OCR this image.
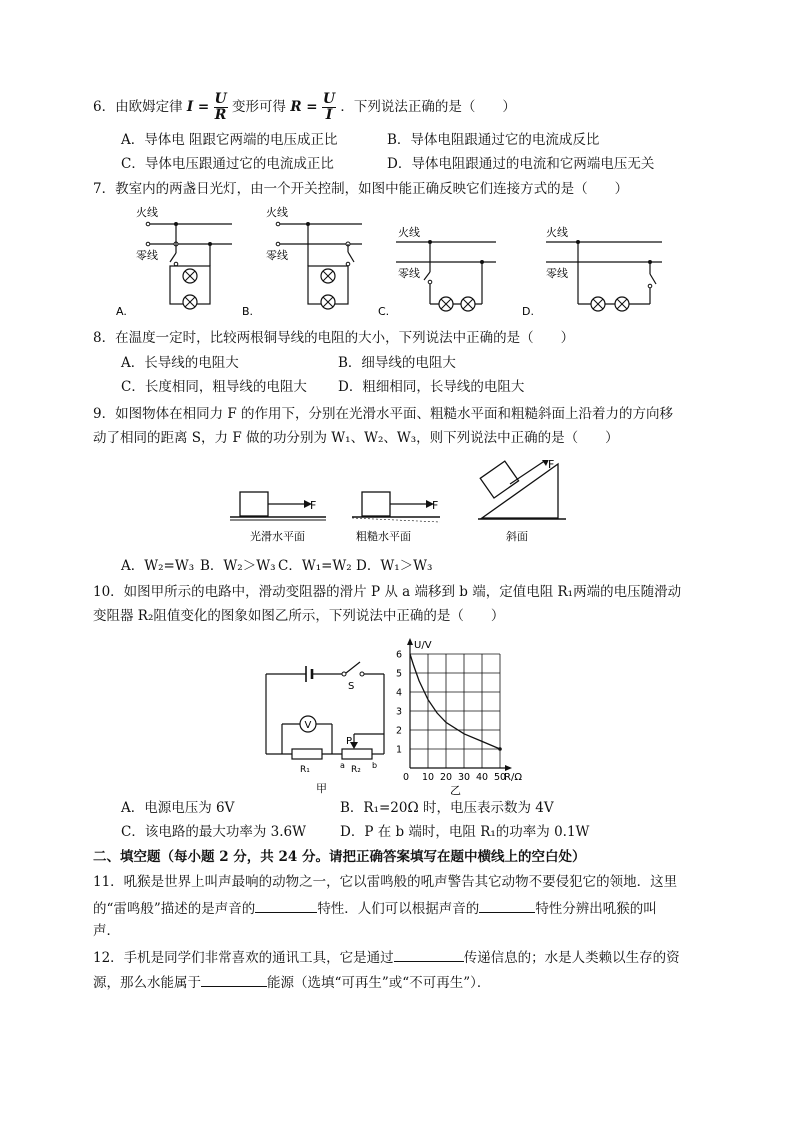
6．由欧姆定律 $I = \frac{U}{R}$ 变形可得 $R = \frac{U}{I}$ ．下列说法正确的是（　　）
A．导体电 阻跟它两端的电压成正比	B．导体电阻跟通过它的电流成反比
C．导体电压跟通过它的电流成正比	D．导体电阻跟通过的电流和它两端电压无关
7．教室内的两盏日光灯，由一个开关控制，如图中能正确反映它们连接方式的是（　　）
火线
零线
A.
火线
零线
B.
火线
零线
C.
火线
零线
D.
8．在温度一定时，比较两根铜导线的电阻的大小，下列说法中正确的是（　　）
A．长导线的电阻大	B．细导线的电阻大
C．长度相同，粗导线的电阻大 D．粗细相同，长导线的电阻大
9．如图物体在相同力 F 的作用下，分别在光滑水平面、粗糙水平面和粗糙斜面上沿着力的方向移
动了相同的距离 S，力 F 做的功分别为 W₁、W₂、W₃，则下列说法中正确的是（　　）
F
光滑水平面
F
粗糙水平面
F
斜面
A．W₂=W₃ B．W₂＞W₃ C．W₁=W₂ D．W₁＞W₃
10．如图甲所示的电路中，滑动变阻器的滑片 P 从 a 端移到 b 端，定值电阻 R₁两端的电压随滑动
变阻器 R₂阻值变化的图象如图乙所示，下列说法中正确的是（　　）
S
R₁	a R₂ b
P
V
甲
U/V
R/Ω
1
2
3
4
5
6
0 10 20 30 40 50
乙
A．电源电压为 6V	B．R₁=20Ω 时，电压表示数为 4V
C．该电路的最大功率为 3.6W	D．P 在 b 端时，电阻 R₁的功率为 0.1W
二、填空题（每小题 2 分，共 24 分。请把正确答案填写在题中横线上的空白处）
11．吼猴是世界上叫声最响的动物之一，它以雷鸣般的吼声警告其它动物不要侵犯它的领地．这里
的“雷鸣般”描述的是声音的	特性．人们可以根据声音的	特性分辨出吼猴的叫
声．
12．手机是同学们非常喜欢的通讯工具，它是通过	传递信息的；水是人类赖以生存的资
源，那么水能属于	能源（选填“可再生”或“不可再生”）．
